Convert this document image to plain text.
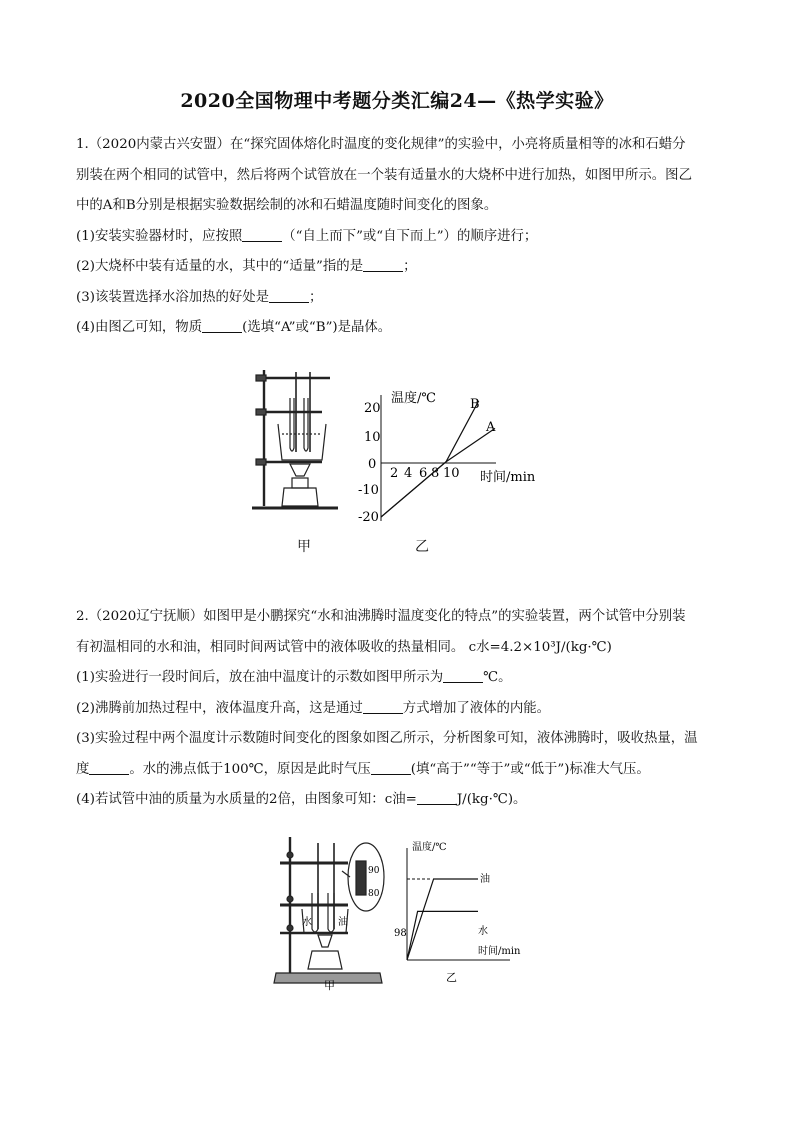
2020全国物理中考题分类汇编24—《热学实验》
1.（2020内蒙古兴安盟）在“探究固体熔化时温度的变化规律”的实验中，小亮将质量相等的冰和石蜡分
别装在两个相同的试管中，然后将两个试管放在一个装有适量水的大烧杯中进行加热，如图甲所示。图乙
中的A和B分别是根据实验数据绘制的冰和石蜡温度随时间变化的图象。
(1)安装实验器材时，应按照	（“自上而下”或“自下而上”）的顺序进行；
(2)大烧杯中装有适量的水，其中的“适量”指的是	；
(3)该装置选择水浴加热的好处是	；
(4)由图乙可知，物质	(选填“A”或“B”)是晶体。
甲
温度/℃
时间/min
20
10
0
-10
-20
2 4 6 8 10
B
A
乙
2.（2020辽宁抚顺）如图甲是小鹏探究“水和油沸腾时温度变化的特点”的实验装置，两个试管中分别装
有初温相同的水和油，相同时间两试管中的液体吸收的热量相同。 c水=4.2×10³J/(kg·℃)
(1)实验进行一段时间后，放在油中温度计的示数如图甲所示为	℃。
(2)沸腾前加热过程中，液体温度升高，这是通过	方式增加了液体的内能。
(3)实验过程中两个温度计示数随时间变化的图象如图乙所示，分析图象可知，液体沸腾时，吸收热量，温
度	。水的沸点低于100℃，原因是此时气压	(填“高于”“等于”或“低于”)标准大气压。
(4)若试管中油的质量为水质量的2倍，由图象可知：c油=	J/(kg·℃)。
90
80
水	油
甲
温度/℃
时间/min
98
油
水
乙
